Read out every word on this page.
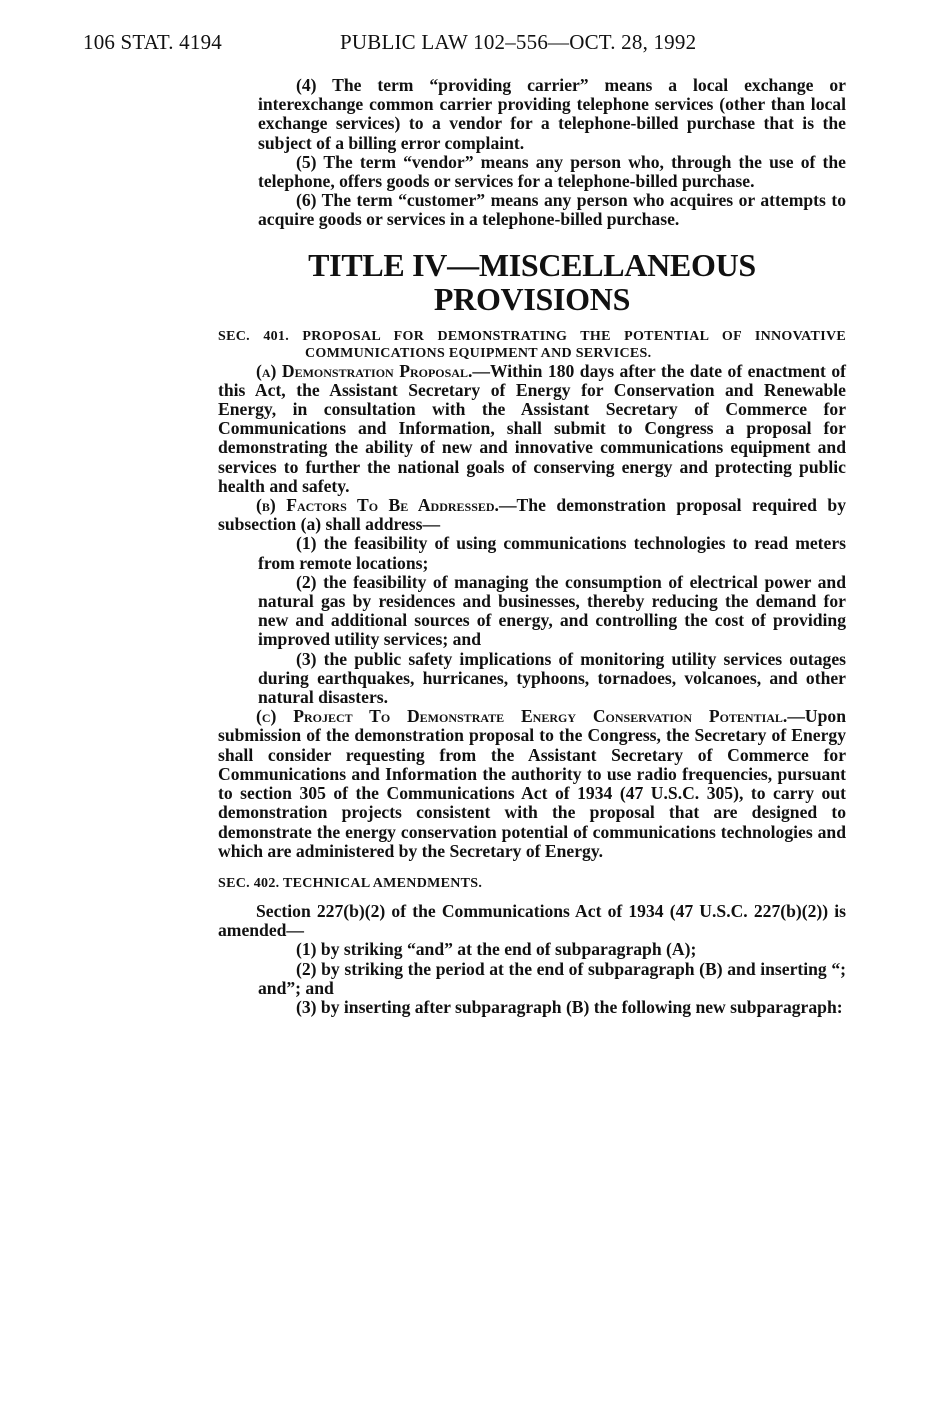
106 STAT. 4194	PUBLIC LAW 102–556—OCT. 28, 1992

(4) The term “providing carrier” means a local exchange or interexchange common carrier providing telephone services (other than local exchange services) to a vendor for a telephone-billed purchase that is the subject of a billing error complaint.

(5) The term “vendor” means any person who, through the use of the telephone, offers goods or services for a telephone-billed purchase.

(6) The term “customer” means any person who acquires or attempts to acquire goods or services in a telephone-billed purchase.

TITLE IV—MISCELLANEOUS
PROVISIONS

SEC. 401. PROPOSAL FOR DEMONSTRATING THE POTENTIAL OF INNOVATIVE COMMUNICATIONS EQUIPMENT AND SERVICES.

(a) Demonstration Proposal.—Within 180 days after the date of enactment of this Act, the Assistant Secretary of Energy for Conservation and Renewable Energy, in consultation with the Assistant Secretary of Commerce for Communications and Information, shall submit to Congress a proposal for demonstrating the ability of new and innovative communications equipment and services to further the national goals of conserving energy and protecting public health and safety.

(b) Factors To Be Addressed.—The demonstration proposal required by subsection (a) shall address—

(1) the feasibility of using communications technologies to read meters from remote locations;

(2) the feasibility of managing the consumption of electrical power and natural gas by residences and businesses, thereby reducing the demand for new and additional sources of energy, and controlling the cost of providing improved utility services; and

(3) the public safety implications of monitoring utility services outages during earthquakes, hurricanes, typhoons, tornadoes, volcanoes, and other natural disasters.

(c) Project To Demonstrate Energy Conservation Potential.—Upon submission of the demonstration proposal to the Congress, the Secretary of Energy shall consider requesting from the Assistant Secretary of Commerce for Communications and Information the authority to use radio frequencies, pursuant to section 305 of the Communications Act of 1934 (47 U.S.C. 305), to carry out demonstration projects consistent with the proposal that are designed to demonstrate the energy conservation potential of communications technologies and which are administered by the Secretary of Energy.

SEC. 402. TECHNICAL AMENDMENTS.

Section 227(b)(2) of the Communications Act of 1934 (47 U.S.C. 227(b)(2)) is amended—

(1) by striking “and” at the end of subparagraph (A);

(2) by striking the period at the end of subparagraph (B) and inserting “; and”; and

(3) by inserting after subparagraph (B) the following new subparagraph:
